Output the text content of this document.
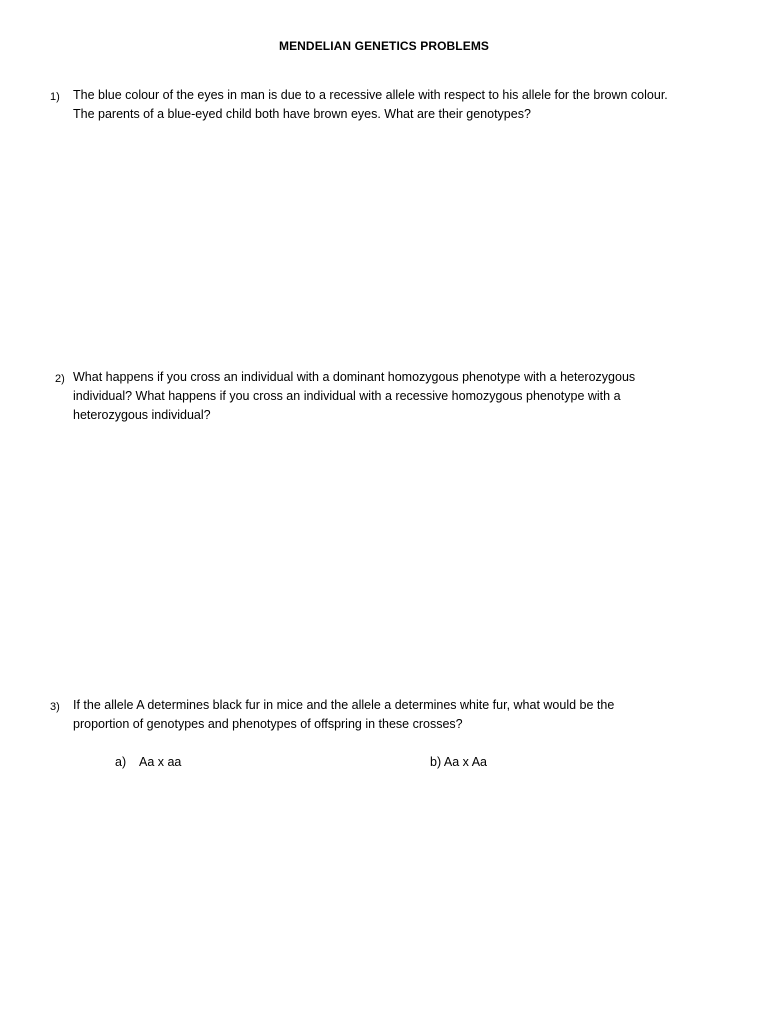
MENDELIAN GENETICS PROBLEMS
1) The blue colour of the eyes in man is due to a recessive allele with respect to his allele for the brown colour.
The parents of a blue-eyed child both have brown eyes. What are their genotypes?
2) What happens if you cross an individual with a dominant homozygous phenotype with a heterozygous
individual? What happens if you cross an individual with a recessive homozygous phenotype with a
heterozygous individual?
3) If the allele A determines black fur in mice and the allele a determines white fur, what would be the
proportion of genotypes and phenotypes of offspring in these crosses?
a) Aa x aa	b) Aa x Aa
